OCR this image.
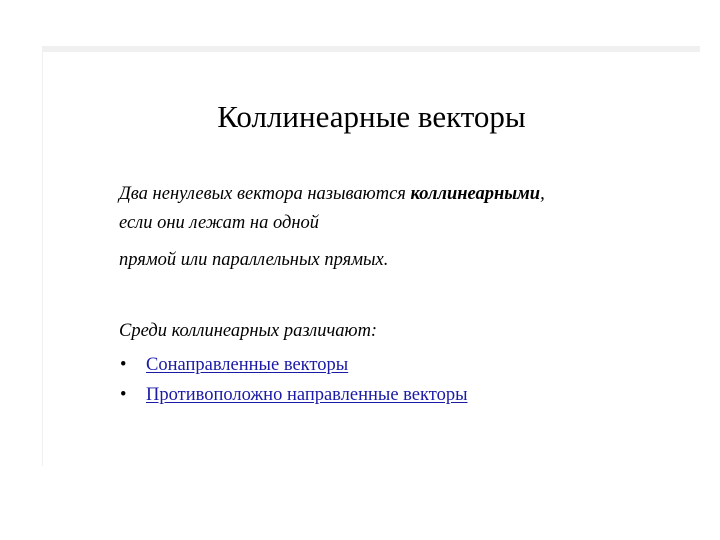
Коллинеарные векторы

Два ненулевых вектора называются коллинеарными,
если они лежат на одной
прямой или параллельных прямых.

Среди коллинеарных различают:

• Сонаправленные векторы
• Противоположно направленные векторы
